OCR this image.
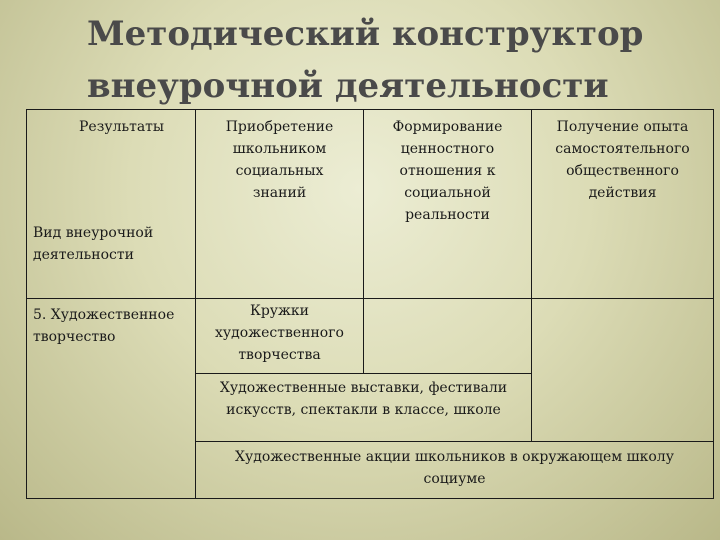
Методический конструктор внеурочной деятельности
Результаты
Вид внеурочной
деятельности
Приобретение
школьником
социальных
знаний
Формирование
ценностного
отношения к
социальной
реальности
Получение опыта
самостоятельного
общественного
действия
5. Художественное
творчество
Кружки
художественного
творчества
Художественные выставки, фестивали
искусств, спектакли в классе, школе
Художественные акции школьников в окружающем школу
социуме
